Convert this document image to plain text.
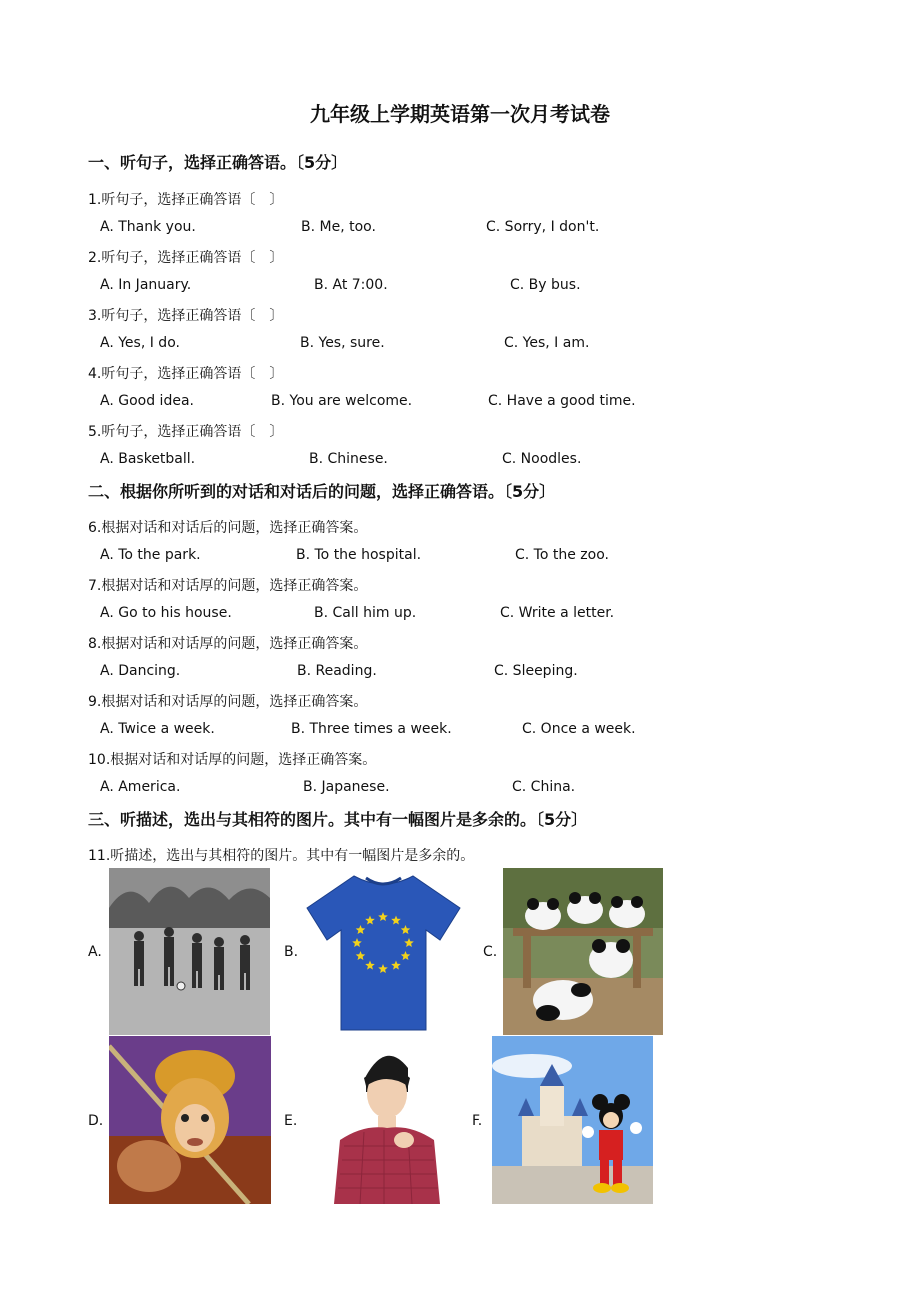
九年级上学期英语第一次月考试卷
一、听句子，选择正确答语。〔5分〕
1.听句子，选择正确答语〔　〕
A. Thank you.	B. Me, too.	C. Sorry, I don't.
2.听句子，选择正确答语〔　〕
A. In January.	B. At 7:00.	C. By bus.
3.听句子，选择正确答语〔　〕
A. Yes, I do.	B. Yes, sure.	C. Yes, I am.
4.听句子，选择正确答语〔　〕
A. Good idea.	B. You are welcome.	C. Have a good time.
5.听句子，选择正确答语〔　〕
A. Basketball.	B. Chinese.	C. Noodles.
二、根据你所听到的对话和对话后的问题，选择正确答语。〔5分〕
6.根据对话和对话后的问题，选择正确答案。
A. To the park.	B. To the hospital.	C. To the zoo.
7.根据对话和对话厚的问题，选择正确答案。
A. Go to his house.	B. Call him up.	C. Write a letter.
8.根据对话和对话厚的问题，选择正确答案。
A. Dancing.	B. Reading.	C. Sleeping.
9.根据对话和对话厚的问题，选择正确答案。
A. Twice a week.	B. Three times a week.	C. Once a week.
10.根据对话和对话厚的问题，选择正确答案。
A. America.	B. Japanese.	C. China.
三、听描述，选出与其相符的图片。其中有一幅图片是多余的。〔5分〕
11.听描述，选出与其相符的图片。其中有一幅图片是多余的。
A.	B.	C.
D.	E.	F.
